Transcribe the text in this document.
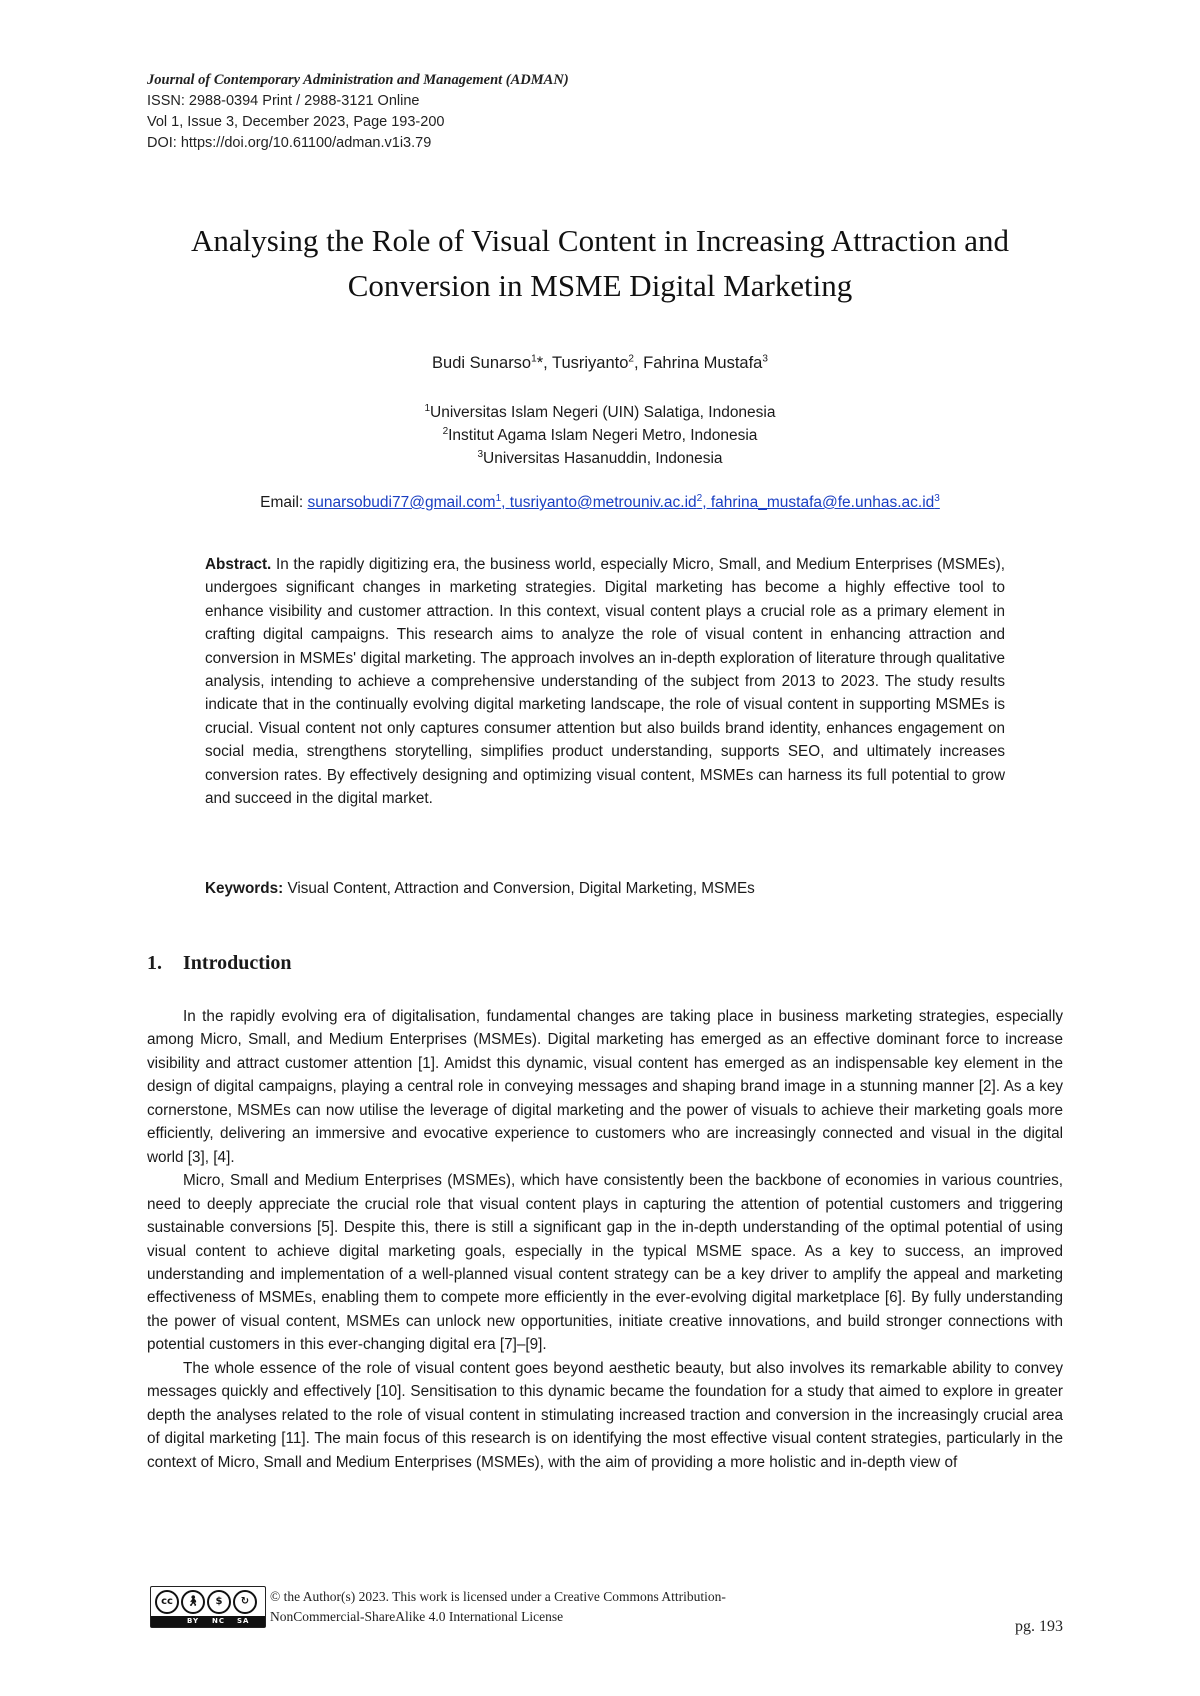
Journal of Contemporary Administration and Management (ADMAN)
ISSN: 2988-0394 Print / 2988-3121 Online
Vol 1, Issue 3, December 2023, Page 193-200
DOI: https://doi.org/10.61100/adman.v1i3.79
Analysing the Role of Visual Content in Increasing Attraction and
Conversion in MSME Digital Marketing
Budi Sunarso$^1$*, Tusriyanto$^2$, Fahrina Mustafa$^3$
$^1$Universitas Islam Negeri (UIN) Salatiga, Indonesia
$^2$Institut Agama Islam Negeri Metro, Indonesia
$^3$Universitas Hasanuddin, Indonesia
Email: sunarsobudi77@gmail.com$^1$, $tusriyanto@metrouniv.ac.id^2$, $fahrina\_mustafa@fe.unhas.ac.id^3$
Abstract. In the rapidly digitizing era, the business world, especially Micro, Small, and Medium Enterprises (MSMEs), undergoes significant changes in marketing strategies. Digital marketing has become a highly effective tool to enhance visibility and customer attraction. In this context, visual content plays a crucial role as a primary element in crafting digital campaigns. This research aims to analyze the role of visual content in enhancing attraction and conversion in MSMEs' digital marketing. The approach involves an in-depth exploration of literature through qualitative analysis, intending to achieve a comprehensive understanding of the subject from 2013 to 2023. The study results indicate that in the continually evolving digital marketing landscape, the role of visual content in supporting MSMEs is crucial. Visual content not only captures consumer attention but also builds brand identity, enhances engagement on social media, strengthens storytelling, simplifies product understanding, supports SEO, and ultimately increases conversion rates. By effectively designing and optimizing visual content, MSMEs can harness its full potential to grow and succeed in the digital market.
Keywords: Visual Content, Attraction and Conversion, Digital Marketing, MSMEs
1. Introduction

In the rapidly evolving era of digitalisation, fundamental changes are taking place in business marketing strategies, especially among Micro, Small, and Medium Enterprises (MSMEs). Digital marketing has emerged as an effective dominant force to increase visibility and attract customer attention [1]. Amidst this dynamic, visual content has emerged as an indispensable key element in the design of digital campaigns, playing a central role in conveying messages and shaping brand image in a stunning manner [2]. As a key cornerstone, MSMEs can now utilise the leverage of digital marketing and the power of visuals to achieve their marketing goals more efficiently, delivering an immersive and evocative experience to customers who are increasingly connected and visual in the digital world [3], [4].

Micro, Small and Medium Enterprises (MSMEs), which have consistently been the backbone of economies in various countries, need to deeply appreciate the crucial role that visual content plays in capturing the attention of potential customers and triggering sustainable conversions [5]. Despite this, there is still a significant gap in the in-depth understanding of the optimal potential of using visual content to achieve digital marketing goals, especially in the typical MSME space. As a key to success, an improved understanding and implementation of a well-planned visual content strategy can be a key driver to amplify the appeal and marketing effectiveness of MSMEs, enabling them to compete more efficiently in the ever-evolving digital marketplace [6]. By fully understanding the power of visual content, MSMEs can unlock new opportunities, initiate creative innovations, and build stronger connections with potential customers in this ever-changing digital era [7]–[9].

The whole essence of the role of visual content goes beyond aesthetic beauty, but also involves its remarkable ability to convey messages quickly and effectively [10]. Sensitisation to this dynamic became the foundation for a study that aimed to explore in greater depth the analyses related to the role of visual content in stimulating increased traction and conversion in the increasingly crucial area of digital marketing [11]. The main focus of this research is on identifying the most effective visual content strategies, particularly in the context of Micro, Small and Medium Enterprises (MSMEs), with the aim of providing a more holistic and in-depth view of

cc 🚶︎ $ ↻
BY NC SA
© the Author(s) 2023. This work is licensed under a Creative Commons Attribution-
NonCommercial-ShareAlike 4.0 International License
pg. 193
